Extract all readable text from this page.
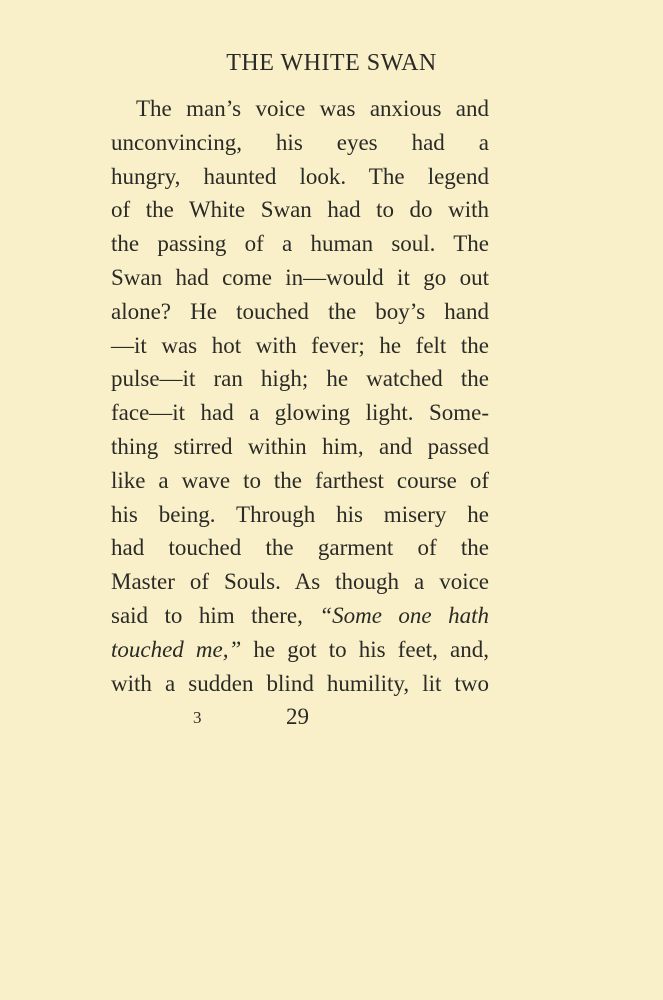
THE WHITE SWAN
The man’s voice was anxious and
unconvincing, his eyes had a
hungry, haunted look. The legend
of the White Swan had to do with
the passing of a human soul. The
Swan had come in—would it go out
alone? He touched the boy’s hand
—it was hot with fever; he felt the
pulse—it ran high; he watched the
face—it had a glowing light. Some-
thing stirred within him, and passed
like a wave to the farthest course of
his being. Through his misery he
had touched the garment of the
Master of Souls. As though a voice
said to him there, “Some one hath
touched me,” he got to his feet, and,
with a sudden blind humility, lit two
3	29
